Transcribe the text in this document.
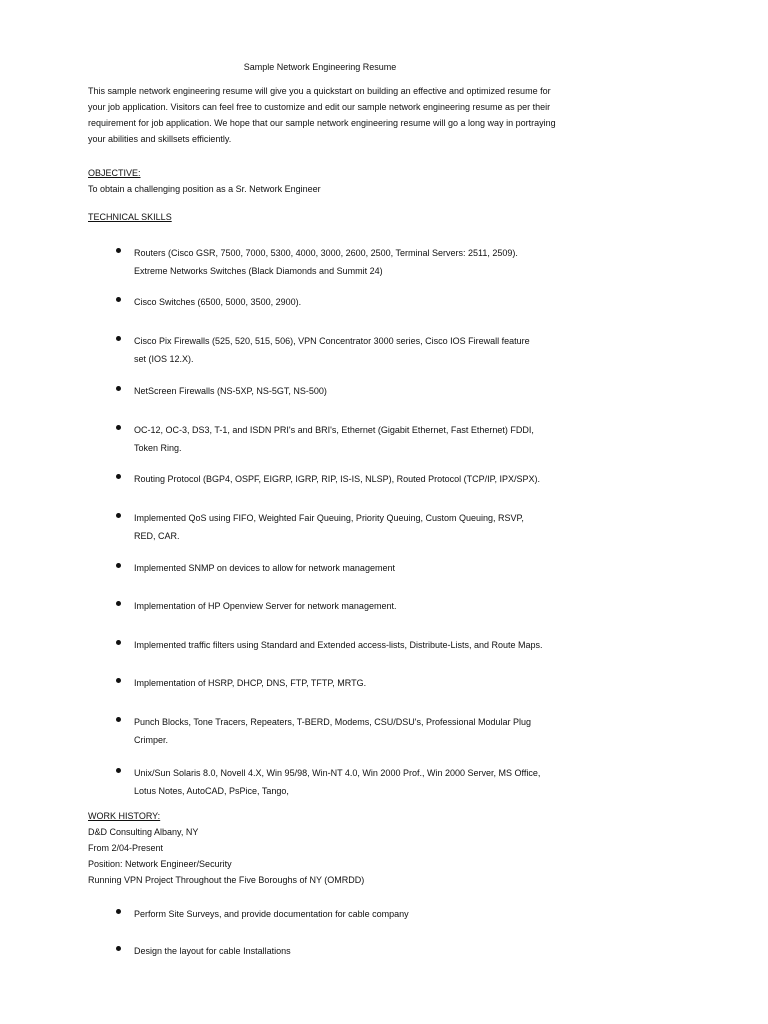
Sample Network Engineering Resume
This sample network engineering resume will give you a quickstart on building an effective and optimized resume for your job application. Visitors can feel free to customize and edit our sample network engineering resume as per their requirement for job application. We hope that our sample network engineering resume will go a long way in portraying your abilities and skillsets efficiently.
OBJECTIVE:
To obtain a challenging position as a Sr. Network Engineer
TECHNICAL SKILLS
Routers (Cisco GSR, 7500, 7000, 5300, 4000, 3000, 2600, 2500, Terminal Servers: 2511, 2509). Extreme Networks Switches (Black Diamonds and Summit 24)
Cisco Switches (6500, 5000, 3500, 2900).
Cisco Pix Firewalls (525, 520, 515, 506), VPN Concentrator 3000 series, Cisco IOS Firewall feature set (IOS 12.X).
NetScreen Firewalls (NS-5XP, NS-5GT, NS-500)
OC-12, OC-3, DS3, T-1, and ISDN PRI's and BRI's, Ethernet (Gigabit Ethernet, Fast Ethernet) FDDI, Token Ring.
Routing Protocol (BGP4, OSPF, EIGRP, IGRP, RIP, IS-IS, NLSP), Routed Protocol (TCP/IP, IPX/SPX).
Implemented QoS using FIFO, Weighted Fair Queuing, Priority Queuing, Custom Queuing, RSVP, RED, CAR.
Implemented SNMP on devices to allow for network management
Implementation of HP Openview Server for network management.
Implemented traffic filters using Standard and Extended access-lists, Distribute-Lists, and Route Maps.
Implementation of HSRP, DHCP, DNS, FTP, TFTP, MRTG.
Punch Blocks, Tone Tracers, Repeaters, T-BERD, Modems, CSU/DSU's, Professional Modular Plug Crimper.
Unix/Sun Solaris 8.0, Novell 4.X, Win 95/98, Win-NT 4.0, Win 2000 Prof., Win 2000 Server, MS Office, Lotus Notes, AutoCAD, PsPice, Tango,
WORK HISTORY:
D&D Consulting Albany, NY
From 2/04-Present
Position: Network Engineer/Security
Running VPN Project Throughout the Five Boroughs of NY (OMRDD)
Perform Site Surveys, and provide documentation for cable company
Design the layout for cable Installations
